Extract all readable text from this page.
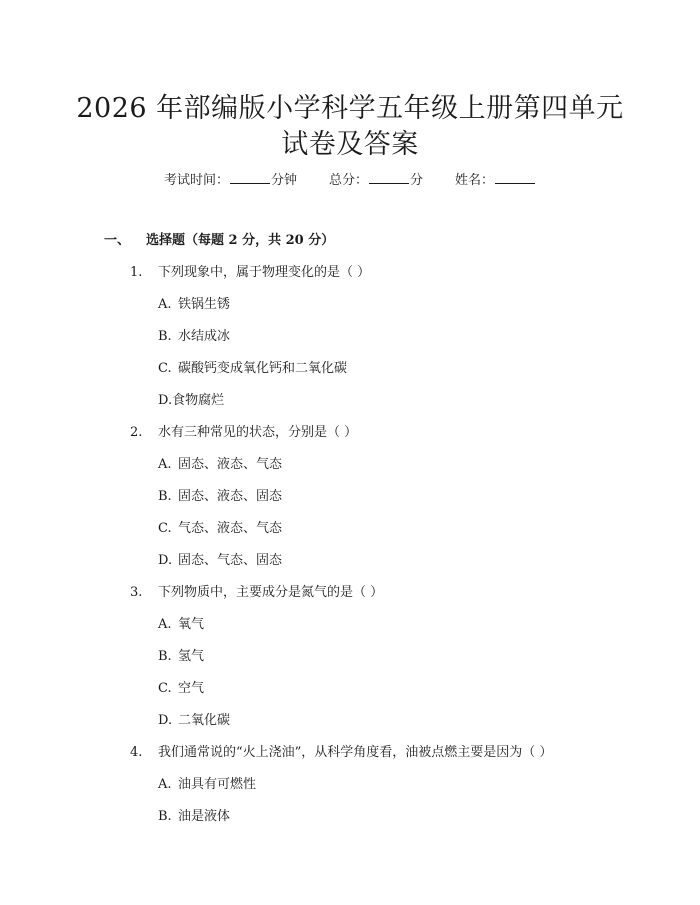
2026 年部编版小学科学五年级上册第四单元
试卷及答案
考试时间：	分钟 总分：	分 姓名：
一、 选择题（每题 2 分，共 20 分）
1. 下列现象中，属于物理变化的是（ ）
A. 铁锅生锈
B. 水结成冰
C. 碳酸钙变成氧化钙和二氧化碳
D.食物腐烂
2. 水有三种常见的状态，分别是（ ）
A. 固态、液态、气态
B. 固态、液态、固态
C. 气态、液态、气态
D. 固态、气态、固态
3. 下列物质中，主要成分是氮气的是（ ）
A. 氧气
B. 氢气
C. 空气
D. 二氧化碳
4. 我们通常说的“火上浇油”，从科学角度看，油被点燃主要是因为（ ）
A. 油具有可燃性
B. 油是液体
